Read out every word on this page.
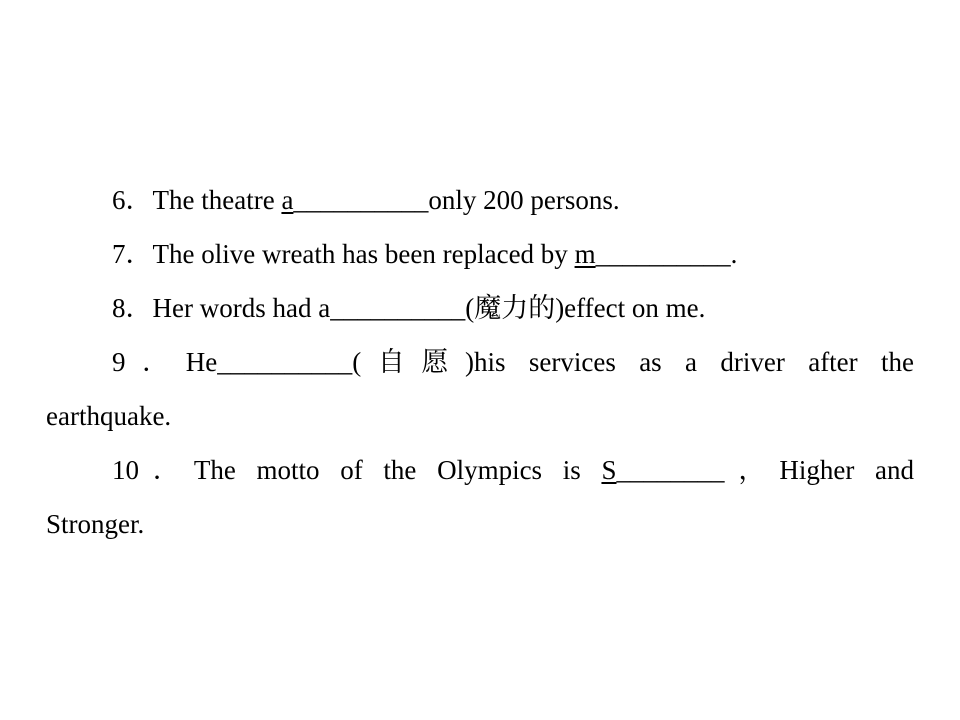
6．The theatre a__________only 200 persons.
7．The olive wreath has been replaced by m__________.
8．Her words had a__________(魔力的)effect on me.
9．He__________(自愿)his services as a driver after the
earthquake.
10．The motto of the Olympics is S________，Higher and
Stronger.
